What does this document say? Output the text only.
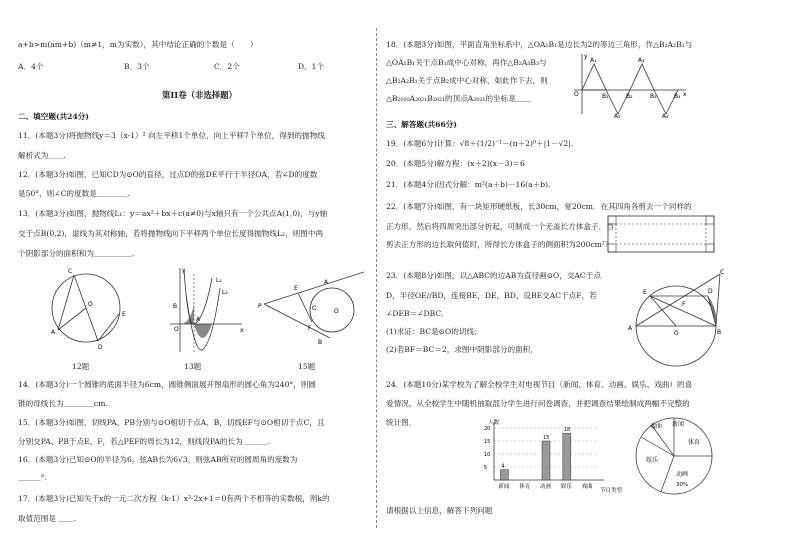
a+b>m(am+b)（m≠1，m为实数），其中结论正确的个数是（　　）
A．4个	B．3个	C．2个	D．1个
第II卷（非选择题）
二、填空题(共24分)
11．(本题3分)将抛物线y＝3（x-1）² 向左平移1个单位，向上平移7个单位，得到的抛物线
解析式为＿＿.
12．(本题3分)如图，已知CD为⊙O的直径，过点D的弦DE平行于半径OA，若∠D的度数
是50°，则∠C的度数是＿＿＿＿.
13．(本题3分)如图，抛物线L₁：y＝ax²＋bx＋c(a≠0)与x轴只有一个公共点A(1,0)，与y轴
交于点B(0,2)，虚线为其对称轴，若将抛物线向下平移两个单位长度得抛物线L₂，则图中两
个阴影部分的面积和为＿＿＿＿＿.
C
O
A
D
E
y
L₁
L₂
B
A
O	x
A
E
P	C	O
F
B
12题	13题	15题
14．(本题3分)一个圆锥的底面半径为6cm，圆锥侧面展开图扇形的圆心角为240°，则圆
锥的母线长为＿＿＿＿cm.
15．(本题3分)如图，切线PA、PB分别与⊙O相切于点A、B，切线EF与⊙O相切于点C，且
分别交PA、PB于点E、F，若△PEF的周长为12，则线段PA的长为 ＿＿＿.
16．(本题3分)已知⊙O的半径为6，弦AB长为6√3，则弦AB所对的圆周角的度数为
＿＿＿°.
17．(本题3分)已知关于x的一元二次方程（k-1）x²-2x+1＝0有两个不相等的实数根，则k的
取值范围是 ＿＿.
18．(本题3分)如图，平面直角坐标系中，△OA₁B₁是边长为2的等边三角形，作△B₂A₂B₁与
△OA₁B₁关于点B₁成中心对称，再作△B₂A₃B₃与
△B₂A₂B₁关于点B₂成中心对称，如此作下去，则
△B₂₀₂₀A₂₀₂₁B₂₀₂₁的顶点A₂₀₂₁的坐标是＿＿
y
A₁	A₃
O	B₁	B₂	B₃	B₄ x
A₂	A₄
三、解答题(共66分)
19．(本题6分)计算：√8＋(1/2)⁻¹－(π＋2)⁰＋|1－√2|.
20．(本题5分)解方程：(x＋2)(x－3)＝6
21．(本题4分)因式分解：m²(a＋b)－16(a＋b).
22．(本题7分)如图，有一块矩形硬纸板，长30cm，宽20cm．在其四角各剪去一个同样的
正方形，然后将四周突出部分折起，可制成一个无盖长方体盒子．当
剪去正方形的边长取何值时，所得长方体盒子的侧面积为200cm²？
23．(本题8分)如图，以△ABC的边AB为直径画⊙O，交AC于点
D，半径OE//BD，连接BE，DE，BD，设BE交AC于点F，若
∠DEB＝∠DBC．
(1)求证：BC是⊙O的切线；
(2)若BF＝BC＝2，求图中阴影部分的面积．
C
E	D
F
A
O	B
24．(本题10分)某学校为了解全校学生对电视节目（新闻、体育、动画、娱乐、戏曲）的喜
爱情况，从全校学生中随机抽取部分学生进行问卷调查，并把调查结果绘制成两幅不完整的
统计图．	人数
节目类型
5
10
15
20
4
新闻 体育
15
动画
18
娱乐 戏曲
戏曲 新闻
体育
动画
娱乐
30%
请根据以上信息，解答下列问题
